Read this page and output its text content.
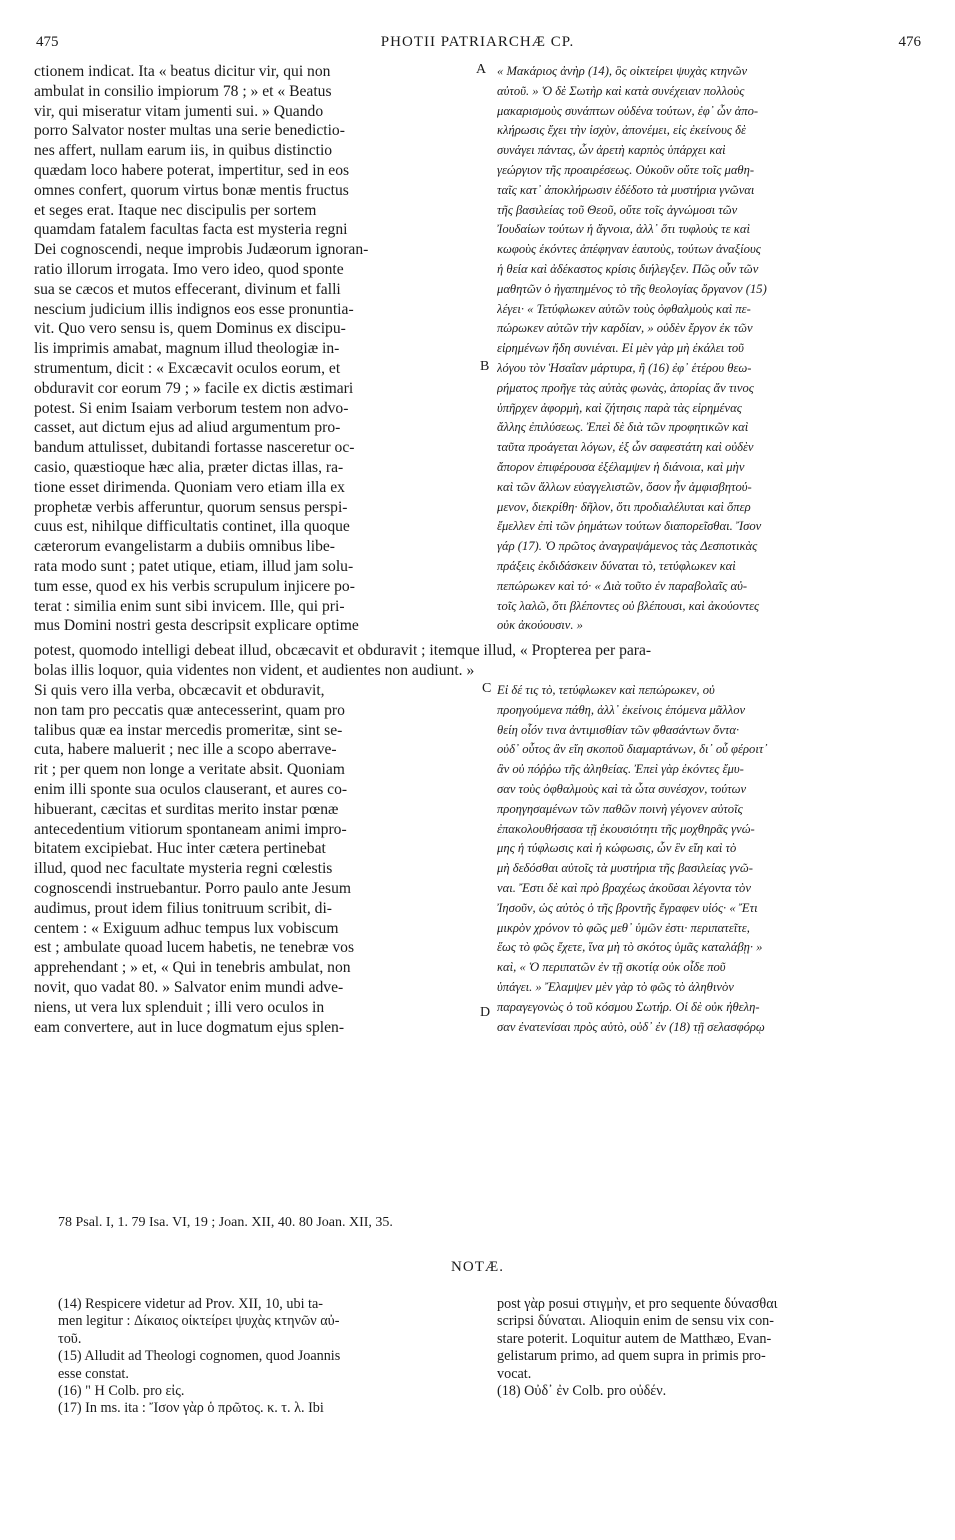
475	PHOTII PATRIARCHÆ CP.	476
ctionem indicat. Ita « beatus dicitur vir, qui non
ambulat in consilio impiorum 78 ; » et « Beatus
vir, qui miseratur vitam jumenti sui. » Quando
porro Salvator noster multas una serie benedictio-
nes affert, nullam earum iis, in quibus distinctio
quædam loco habere poterat, impertitur, sed in eos
omnes confert, quorum virtus bonæ mentis fructus
et seges erat. Itaque nec discipulis per sortem
quamdam fatalem facultas facta est mysteria regni
Dei cognoscendi, neque improbis Judæorum ignoran-
ratio illorum irrogata. Imo vero ideo, quod sponte
sua se cæcos et mutos effecerant, divinum et falli
nescium judicium illis indignos eos esse pronuntia-
vit. Quo vero sensu is, quem Dominus ex discipu-
lis imprimis amabat, magnum illud theologiæ in-
strumentum, dicit : « Excæcavit oculos eorum, et
obduravit cor eorum 79 ; » facile ex dictis æstimari
potest. Si enim Isaiam verborum testem non advo-
casset, aut dictum ejus ad aliud argumentum pro-
bandum attulisset, dubitandi fortasse nasceretur oc-
casio, quæstioque hæc alia, præter dictas illas, ra-
tione esset dirimenda. Quoniam vero etiam illa ex
prophetæ verbis afferuntur, quorum sensus perspi-
cuus est, nihilque difficultatis continet, illa quoque
cæterorum evangelistarm a dubiis omnibus libe-
rata modo sunt ; patet utique, etiam, illud jam solu-
tum esse, quod ex his verbis scrupulum injicere po-
terat : similia enim sunt sibi invicem. Ille, qui pri-
mus Domini nostri gesta descripsit explicare optime
« Μακάριος ἀνὴρ (14), ὃς οἰκτείρει ψυχὰς κτηνῶν
αὐτοῦ. » Ὁ δὲ Σωτὴρ καὶ κατὰ συνέχειαν πολλοὺς
μακαρισμοὺς συνάπτων οὐδένα τούτων, ἐφ᾽ ὧν ἀπο-
κλήρωσις ἔχει τὴν ἰσχὺν, ἀπονέμει, εἰς ἐκείνους δὲ
συνάγει πάντας, ὧν ἀρετὴ καρπὸς ὑπάρχει καὶ
γεώργιον τῆς προαιρέσεως. Οὐκοῦν οὔτε τοῖς μαθη-
ταῖς κατ᾽ ἀποκλήρωσιν ἐδέδοτο τὰ μυστήρια γνῶναι
τῆς βασιλείας τοῦ Θεοῦ, οὔτε τοῖς ἀγνώμοσι τῶν
Ἰουδαίων τούτων ἡ ἄγνοια, ἀλλ᾽ ὅτι τυφλοὺς τε καὶ
κωφοὺς ἑκόντες ἀπέφηναν ἑαυτοὺς, τούτων ἀναξίους
ἡ θεία καὶ ἀδέκαστος κρίσις διήλεγξεν. Πῶς οὖν τῶν
μαθητῶν ὁ ἠγαπημένος τὸ τῆς θεολογίας ὄργανον (15)
λέγει· « Τετύφλωκεν αὐτῶν τοὺς ὀφθαλμοὺς καὶ πε-
πώρωκεν αὐτῶν τὴν καρδίαν, » οὐδὲν ἔργον ἐκ τῶν
εἰρημένων ἤδη συνιέναι. Εἰ μὲν γὰρ μὴ ἐκάλει τοῦ
λόγου τὸν Ἡσαΐαν μάρτυρα, ἢ (16) ἐφ᾽ ἑτέρου θεω-
ρήματος προῆγε τὰς αὐτὰς φωνὰς, ἀπορίας ἄν τινος
ὑπῆρχεν ἀφορμὴ, καὶ ζήτησις παρὰ τὰς εἰρημένας
ἄλλης ἐπιλύσεως. Ἐπεὶ δὲ διὰ τῶν προφητικῶν καὶ
ταῦτα προάγεται λόγων, ἐξ ὧν σαφεστάτη καὶ οὐδὲν
ἄπορον ἐπιφέρουσα ἐξέλαμψεν ἡ διάνοια, καὶ μὴν
καὶ τῶν ἄλλων εὐαγγελιστῶν, ὅσον ἦν ἀμφισβητού-
μενον, διεκρίθη· δῆλον, ὅτι προδιαλέλυται καὶ ὅπερ
ἔμελλεν ἐπὶ τῶν ῥημάτων τούτων διαπορεῖσθαι. Ἴσον
γάρ (17). Ὁ πρῶτος ἀναγραψάμενος τὰς Δεσποτικὰς
πράξεις ἐκδιδάσκειν δύναται τὸ, τετύφλωκεν καὶ
πεπώρωκεν καὶ τό· « Διὰ τοῦτο ἐν παραβολαῖς αὐ-
τοῖς λαλῶ, ὅτι βλέποντες οὐ βλέπουσι, καὶ ἀκούοντες
οὐκ ἀκούουσιν. »
A
B
potest, quomodo intelligi debeat illud, obcæcavit et obduravit ; itemque illud, « Propterea per para-
bolas illis loquor, quia videntes non vident, et audientes non audiunt. »
Si quis vero illa verba, obcæcavit et obduravit,
non tam pro peccatis quæ antecesserint, quam pro
talibus quæ ea instar mercedis promeritæ, sint se-
cuta, habere maluerit ; nec ille a scopo aberrave-
rit ; per quem non longe a veritate absit. Quoniam
enim illi sponte sua oculos clauserant, et aures co-
hibuerant, cæcitas et surditas merito instar pœnæ
antecedentium vitiorum spontaneam animi impro-
bitatem excipiebat. Huc inter cætera pertinebat
illud, quod nec facultate mysteria regni cœlestis
cognoscendi instruebantur. Porro paulo ante Jesum
audimus, prout idem filius tonitruum scribit, di-
centem : « Exiguum adhuc tempus lux vobiscum
est ; ambulate quoad lucem habetis, ne tenebræ vos
apprehendant ; » et, « Qui in tenebris ambulat, non
novit, quo vadat 80. » Salvator enim mundi adve-
niens, ut vera lux splenduit ; illi vero oculos in
eam convertere, aut in luce dogmatum ejus splen-
Εἰ δέ τις τὸ, τετύφλωκεν καὶ πεπώρωκεν, οὐ
προηγούμενα πάθη, ἀλλ᾽ ἐκείνοις ἑπόμενα μᾶλλον
θείη οἷόν τινα ἀντιμισθίαν τῶν φθασάντων ὄντα·
οὐδ᾽ οὗτος ἂν εἴη σκοποῦ διαμαρτάνων, δι᾽ οὗ φέροιτ᾽
ἂν οὐ πόῤῥω τῆς ἀληθείας. Ἐπεὶ γὰρ ἑκόντες ἔμυ-
σαν τοὺς ὀφθαλμοὺς καὶ τὰ ὦτα συνέσχον, τούτων
προηγησαμένων τῶν παθῶν ποινὴ γέγονεν αὐτοῖς
ἐπακολουθήσασα τῇ ἑκουσιότητι τῆς μοχθηρᾶς γνώ-
μης ἡ τύφλωσις καὶ ἡ κώφωσις, ὧν ἓν εἴη καὶ τὸ
μὴ δεδόσθαι αὐτοῖς τὰ μυστήρια τῆς βασιλείας γνῶ-
ναι. Ἔστι δὲ καὶ πρὸ βραχέως ἀκοῦσαι λέγοντα τὸν
Ἰησοῦν, ὡς αὐτὸς ὁ τῆς βροντῆς ἔγραφεν υἱός· « Ἔτι
μικρὸν χρόνον τὸ φῶς μεθ᾽ ὑμῶν ἐστι· περιπατεῖτε,
ἕως τὸ φῶς ἔχετε, ἵνα μὴ τὸ σκότος ὑμᾶς καταλάβῃ· »
καὶ, « Ὁ περιπατῶν ἐν τῇ σκοτίᾳ οὐκ οἶδε ποῦ
ὑπάγει. » Ἔλαμψεν μὲν γὰρ τὸ φῶς τὸ ἀληθινὸν
παραγεγονὼς ὁ τοῦ κόσμου Σωτήρ. Οἱ δὲ οὐκ ἠθελη-
σαν ἐνατενίσαι πρὸς αὐτὸ, οὐδ᾽ ἐν (18) τῇ σελασφόρῳ
C
D
78 Psal. I, 1. 79 Isa. VI, 19 ; Joan. XII, 40. 80 Joan. XII, 35.
NOTÆ.
(14) Respicere videtur ad Prov. XII, 10, ubi ta-
men legitur : Δίκαιος οἰκτείρει ψυχὰς κτηνῶν αὐ-
τοῦ.
(15) Alludit ad Theologi cognomen, quod Joannis
esse constat.
(16) " Η Colb. pro εἰς.
(17) In ms. ita : Ἴσον γὰρ ὁ πρῶτος. κ. τ. λ. Ibi
post γὰρ posui στιγμὴν, et pro sequente δύνασθαι
scripsi δύναται. Alioquin enim de sensu vix con-
stare poterit. Loquitur autem de Matthæo, Evan-
gelistarum primo, ad quem supra in primis pro-
vocat.
(18) Οὐδ᾽ ἐν Colb. pro οὐδέν.
